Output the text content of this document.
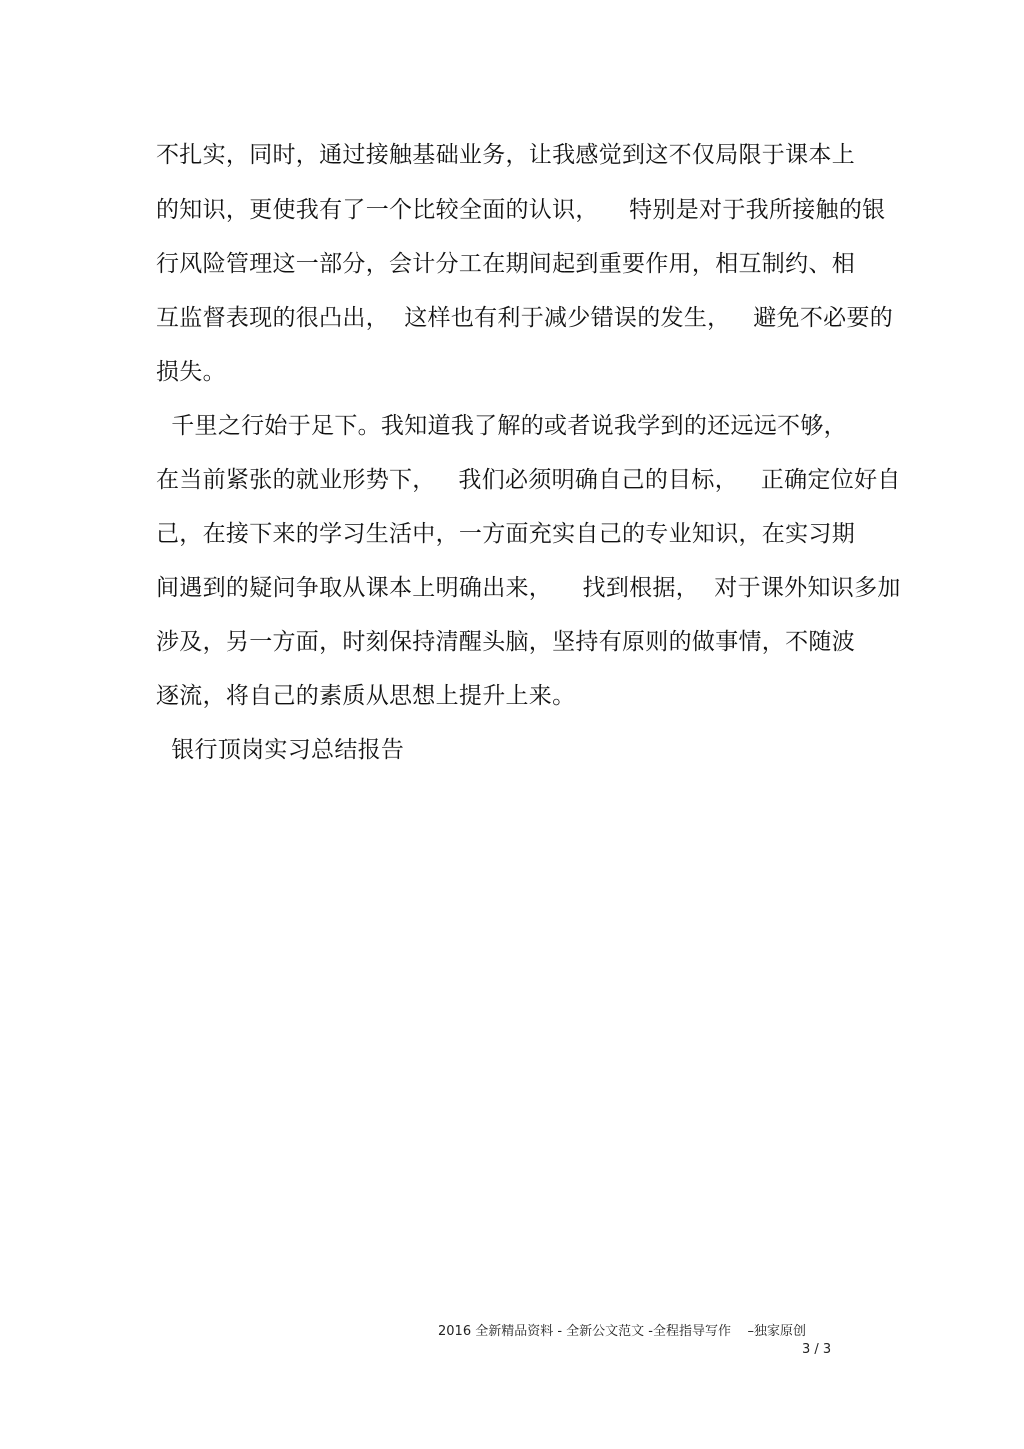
不扎实，同时，通过接触基础业务，让我感觉到这不仅局限于课本上
的知识，更使我有了一个比较全面的认识，    特别是对于我所接触的银
行风险管理这一部分，会计分工在期间起到重要作用，相互制约、相
互监督表现的很凸出，  这样也有利于减少错误的发生，   避免不必要的
损失。
千里之行始于足下。我知道我了解的或者说我学到的还远远不够，
在当前紧张的就业形势下，   我们必须明确自己的目标，   正确定位好自
己，在接下来的学习生活中，一方面充实自己的专业知识，在实习期
间遇到的疑问争取从课本上明确出来，    找到根据，  对于课外知识多加
涉及，另一方面，时刻保持清醒头脑，坚持有原则的做事情，不随波
逐流，将自己的素质从思想上提升上来。
银行顶岗实习总结报告
2016 全新精品资料 - 全新公文范文 -全程指导写作    –独家原创
3 / 3
